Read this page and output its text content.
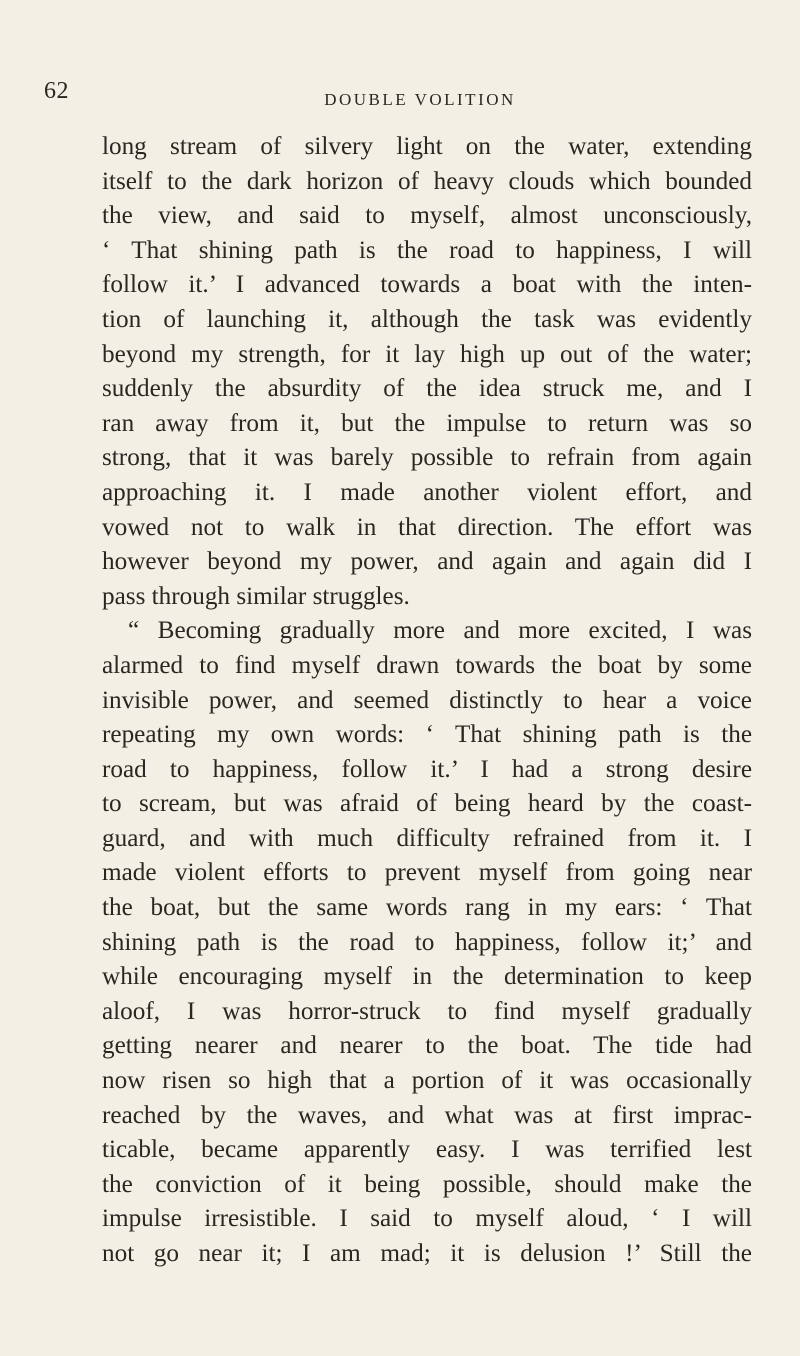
62	DOUBLE VOLITION
long stream of silvery light on the water, extending
itself to the dark horizon of heavy clouds which bounded
the view, and said to myself, almost unconsciously,
‘ That shining path is the road to happiness, I will
follow it.’ I advanced towards a boat with the inten-
tion of launching it, although the task was evidently
beyond my strength, for it lay high up out of the water;
suddenly the absurdity of the idea struck me, and I
ran away from it, but the impulse to return was so
strong, that it was barely possible to refrain from again
approaching it. I made another violent effort, and
vowed not to walk in that direction. The effort was
however beyond my power, and again and again did I
pass through similar struggles.
“ Becoming gradually more and more excited, I was
alarmed to find myself drawn towards the boat by some
invisible power, and seemed distinctly to hear a voice
repeating my own words: ‘ That shining path is the
road to happiness, follow it.’ I had a strong desire
to scream, but was afraid of being heard by the coast-
guard, and with much difficulty refrained from it. I
made violent efforts to prevent myself from going near
the boat, but the same words rang in my ears: ‘ That
shining path is the road to happiness, follow it;’ and
while encouraging myself in the determination to keep
aloof, I was horror-struck to find myself gradually
getting nearer and nearer to the boat. The tide had
now risen so high that a portion of it was occasionally
reached by the waves, and what was at first imprac-
ticable, became apparently easy. I was terrified lest
the conviction of it being possible, should make the
impulse irresistible. I said to myself aloud, ‘ I will
not go near it; I am mad; it is delusion !’ Still the
